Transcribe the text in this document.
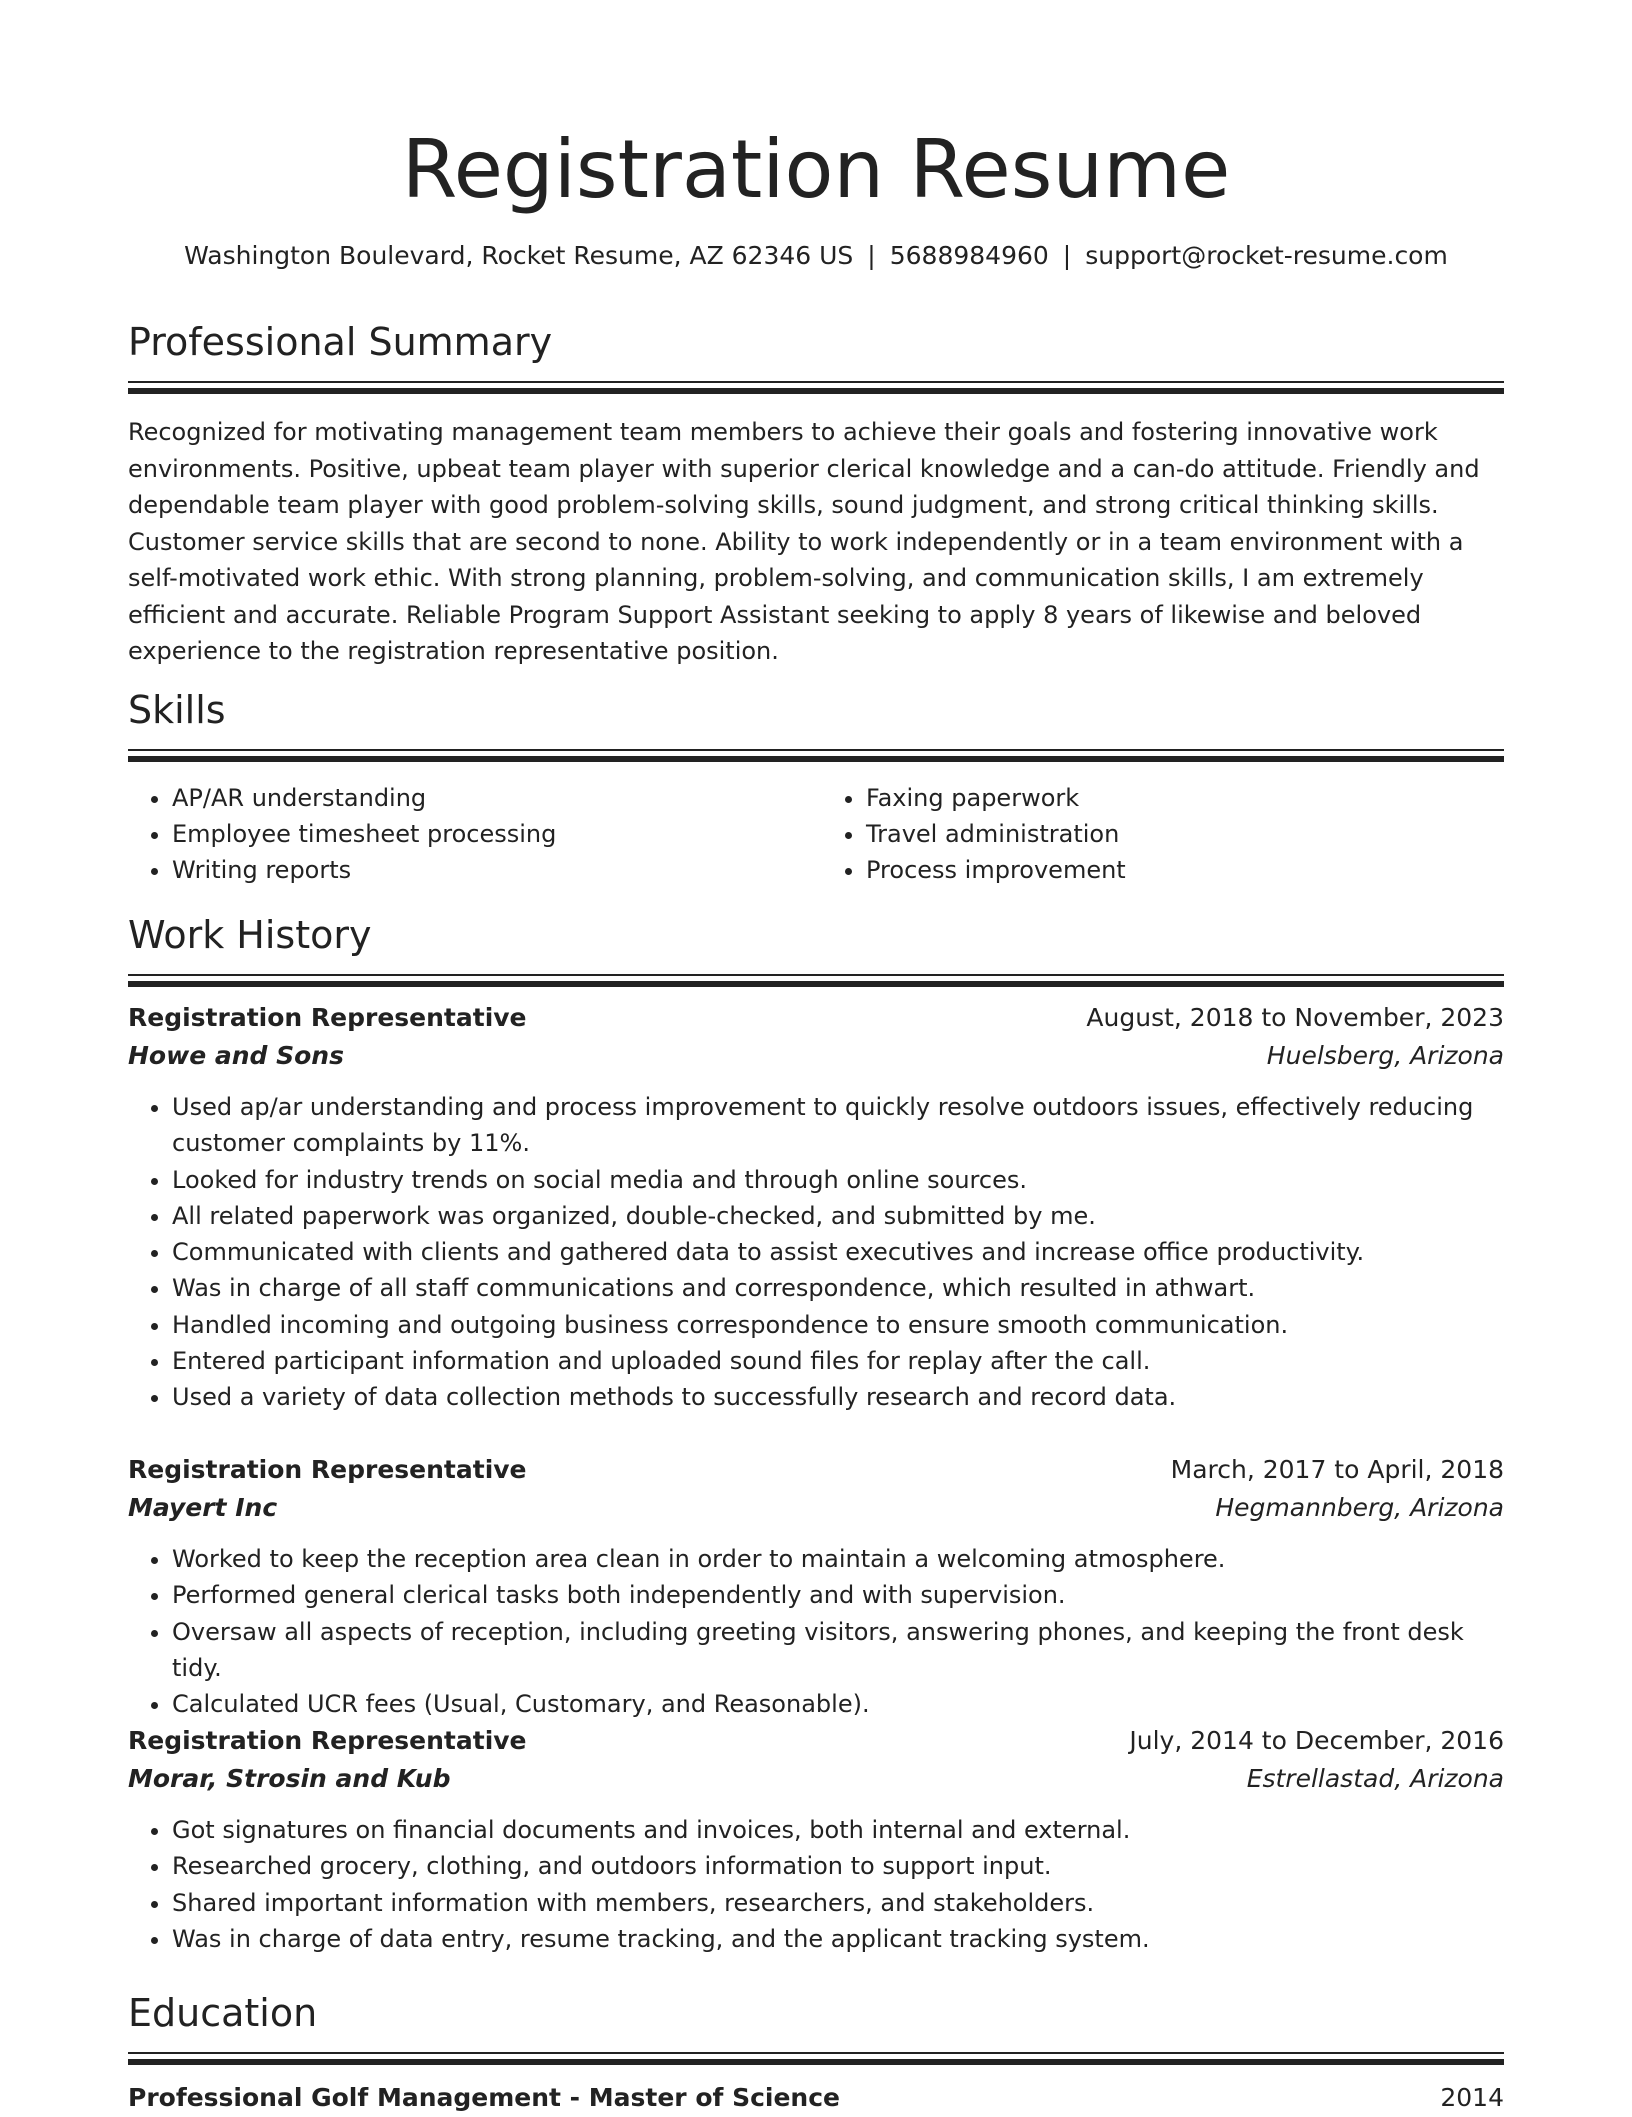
Registration Resume
Washington Boulevard, Rocket Resume, AZ 62346 US | 5688984960 | support@rocket-resume.com
Professional Summary

Recognized for motivating management team members to achieve their goals and fostering innovative work environments. Positive, upbeat team player with superior clerical knowledge and a can-do attitude. Friendly and dependable team player with good problem-solving skills, sound judgment, and strong critical thinking skills. Customer service skills that are second to none. Ability to work independently or in a team environment with a self-motivated work ethic. With strong planning, problem-solving, and communication skills, I am extremely efficient and accurate. Reliable Program Support Assistant seeking to apply 8 years of likewise and beloved experience to the registration representative position.

Skills
• AP/AR understanding
• Employee timesheet processing
• Writing reports
• Faxing paperwork
• Travel administration
• Process improvement
Work History
Registration Representative	August, 2018 to November, 2023
Howe and Sons	Huelsberg, Arizona
• Used ap/ar understanding and process improvement to quickly resolve outdoors issues, effectively reducing customer complaints by 11%.
• Looked for industry trends on social media and through online sources.
• All related paperwork was organized, double-checked, and submitted by me.
• Communicated with clients and gathered data to assist executives and increase office productivity.
• Was in charge of all staff communications and correspondence, which resulted in athwart.
• Handled incoming and outgoing business correspondence to ensure smooth communication.
• Entered participant information and uploaded sound files for replay after the call.
• Used a variety of data collection methods to successfully research and record data.
Registration Representative	March, 2017 to April, 2018
Mayert Inc	Hegmannberg, Arizona
• Worked to keep the reception area clean in order to maintain a welcoming atmosphere.
• Performed general clerical tasks both independently and with supervision.
• Oversaw all aspects of reception, including greeting visitors, answering phones, and keeping the front desk tidy.
• Calculated UCR fees (Usual, Customary, and Reasonable).
Registration Representative	July, 2014 to December, 2016
Morar, Strosin and Kub	Estrellastad, Arizona
• Got signatures on financial documents and invoices, both internal and external.
• Researched grocery, clothing, and outdoors information to support input.
• Shared important information with members, researchers, and stakeholders.
• Was in charge of data entry, resume tracking, and the applicant tracking system.
Education
Professional Golf Management - Master of Science	2014
